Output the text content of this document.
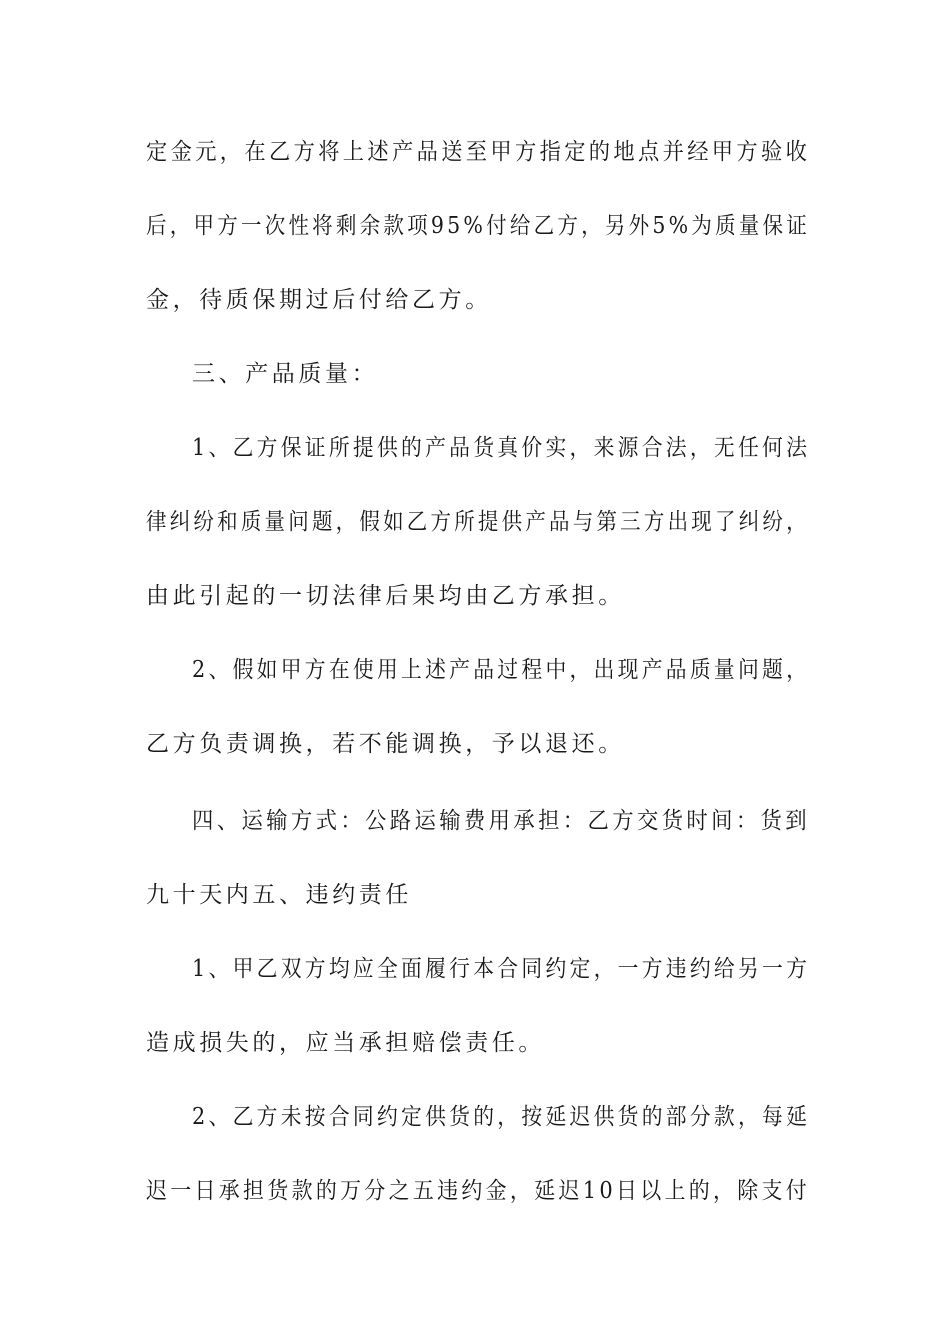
定金元，在乙方将上述产品送至甲方指定的地点并经甲方验收
后，甲方一次性将剩余款项95%付给乙方，另外5%为质量保证
金，待质保期过后付给乙方。
三、产品质量：
1、乙方保证所提供的产品货真价实，来源合法，无任何法
律纠纷和质量问题，假如乙方所提供产品与第三方出现了纠纷，
由此引起的一切法律后果均由乙方承担。
2、假如甲方在使用上述产品过程中，出现产品质量问题，
乙方负责调换，若不能调换，予以退还。
四、运输方式：公路运输费用承担：乙方交货时间：货到
九十天内五、违约责任
1、甲乙双方均应全面履行本合同约定，一方违约给另一方
造成损失的，应当承担赔偿责任。
2、乙方未按合同约定供货的，按延迟供货的部分款，每延
迟一日承担货款的万分之五违约金，延迟10日以上的，除支付
